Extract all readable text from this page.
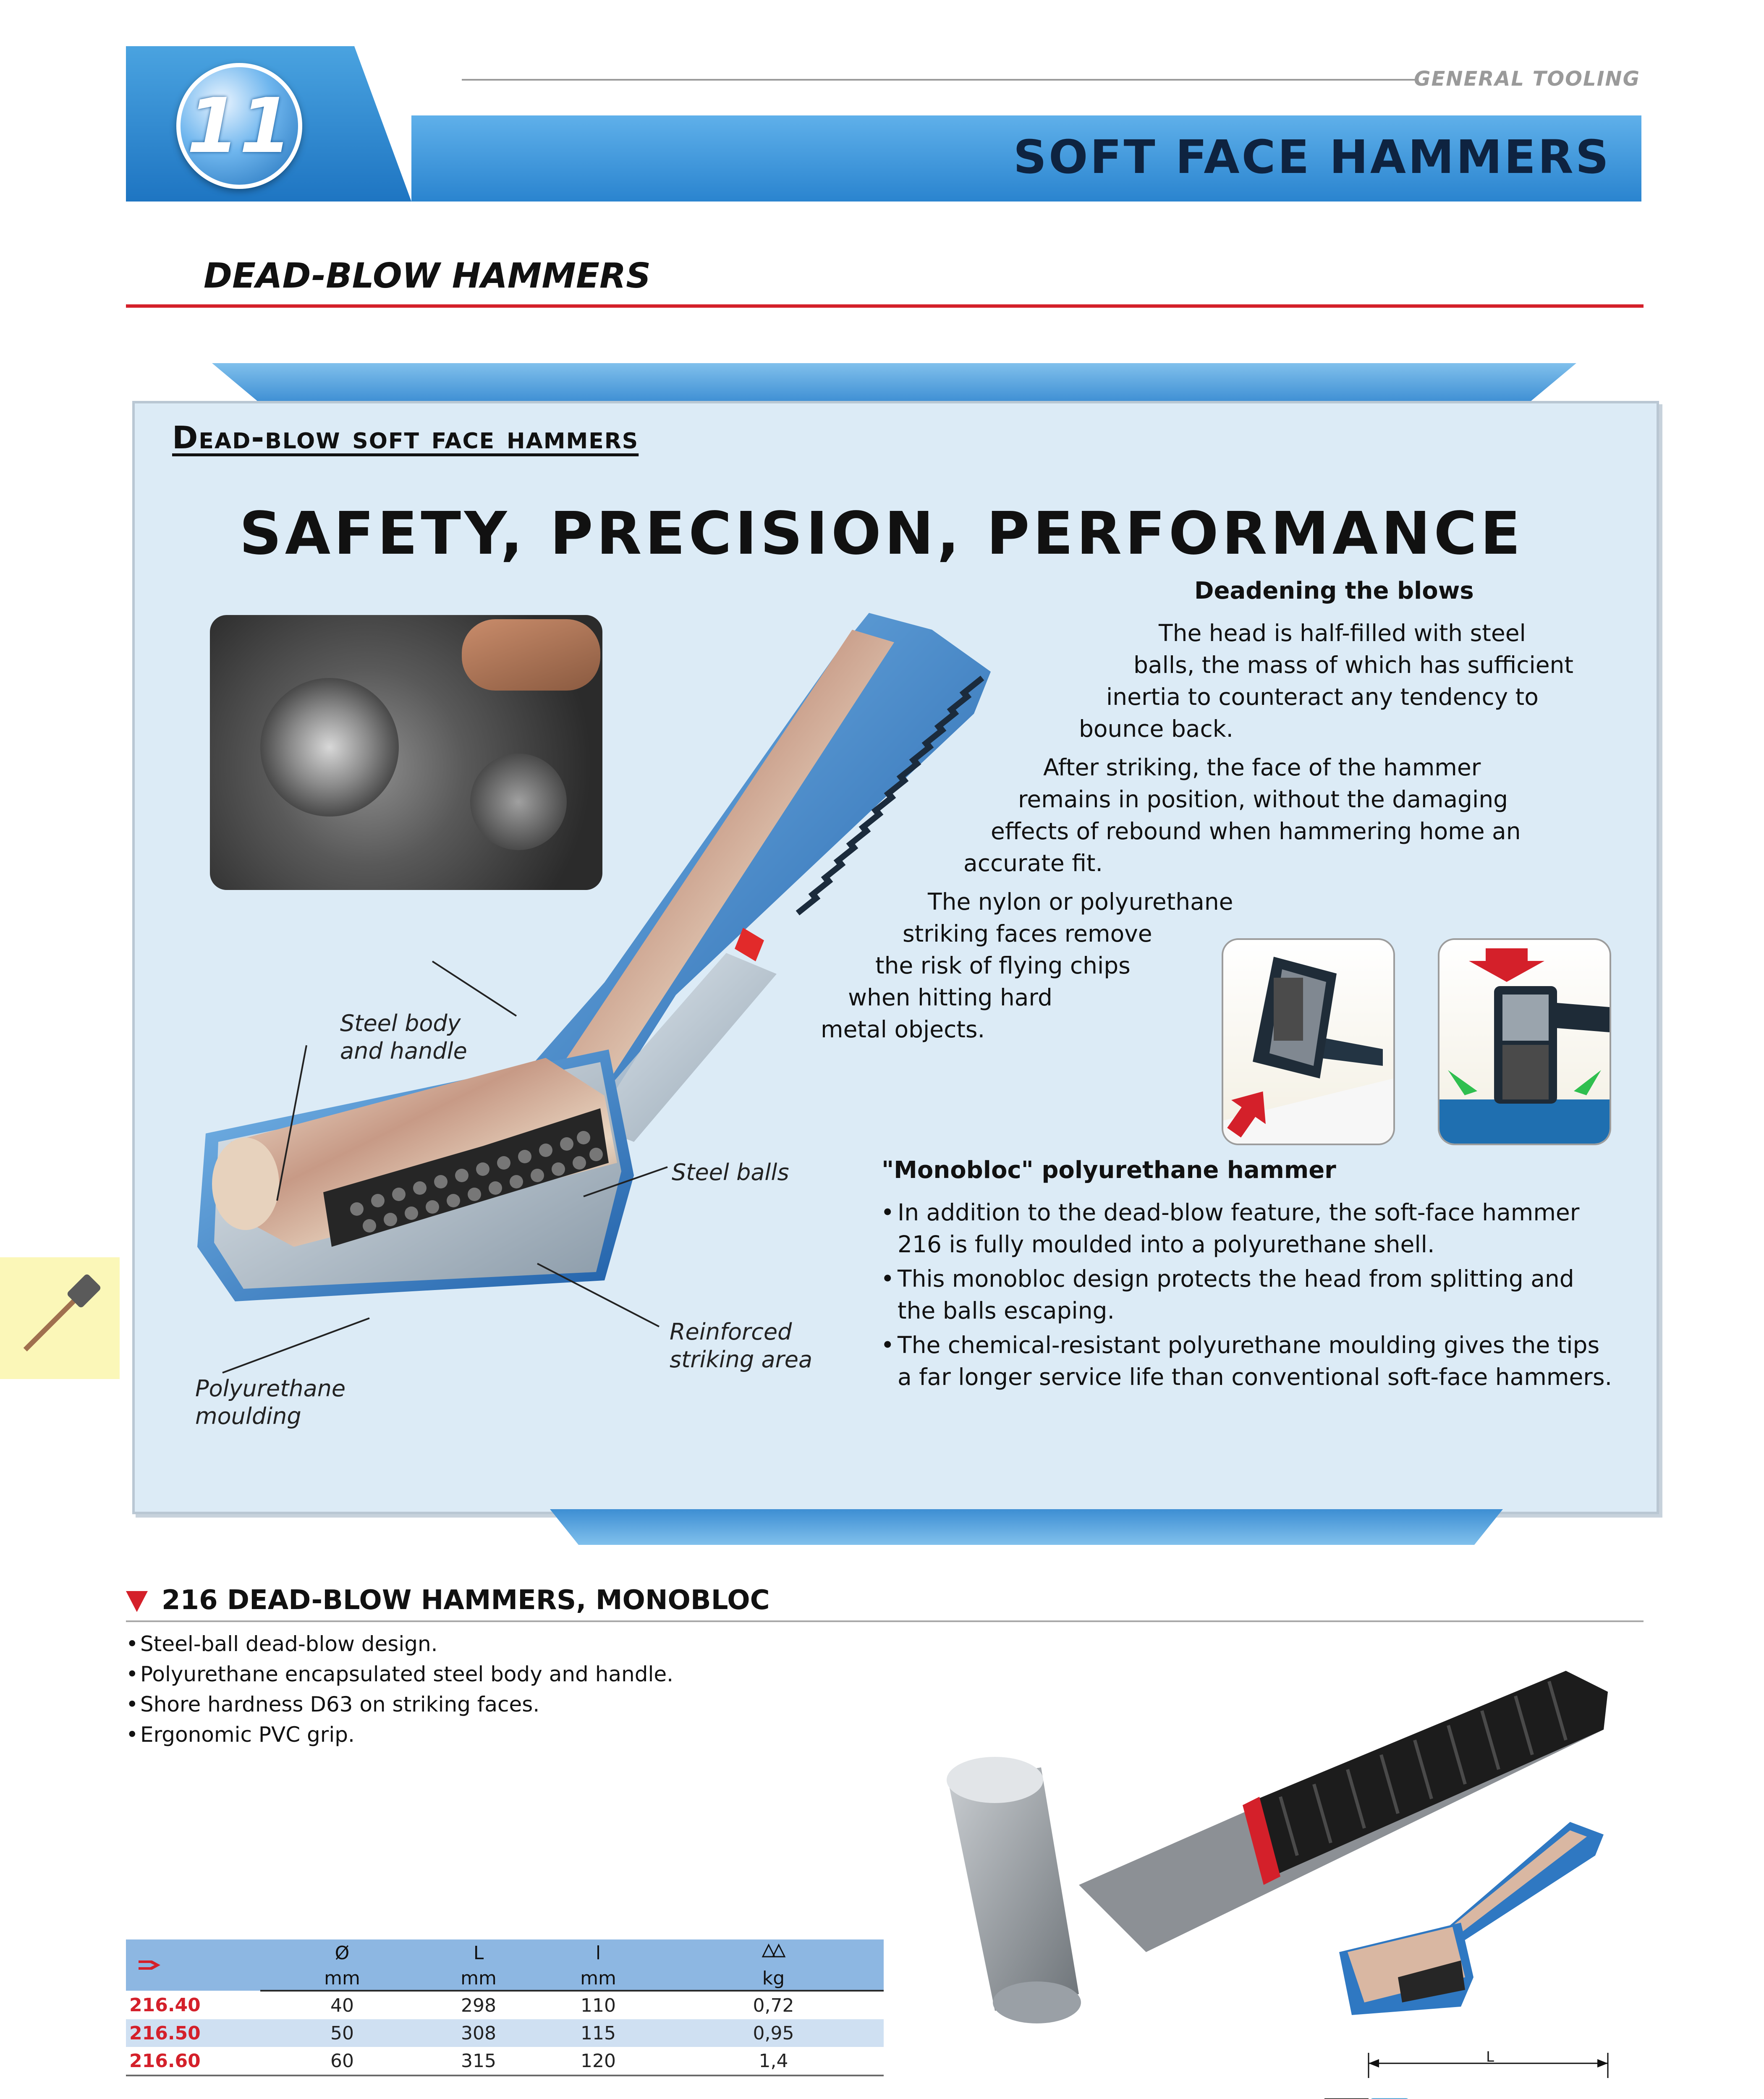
GENERAL TOOLING
SOFT FACE HAMMERS
11
DEAD-BLOW HAMMERS
Dead-blow soft face hammers
SAFETY, PRECISION, PERFORMANCE
Steel body
and handle
Steel balls
Reinforced
striking area
Polyurethane
moulding
Deadening the blows
The head is half-filled with steel
balls, the mass of which has sufficient
inertia to counteract any tendency to
bounce back.
After striking, the face of the hammer
remains in position, without the damaging
effects of rebound when hammering home an
accurate fit.
The nylon or polyurethane
striking faces remove
the risk of flying chips
when hitting hard
metal objects.
"Monobloc" polyurethane hammer
• In addition to the dead-blow feature, the soft-face hammer
216 is fully moulded into a polyurethane shell.
• This monobloc design protects the head from splitting and
the balls escaping.
• The chemical-resistant polyurethane moulding gives the tips
a far longer service life than conventional soft-face hammers.
216 DEAD-BLOW HAMMERS, MONOBLOC
• Steel-ball dead-blow design.
• Polyurethane encapsulated steel body and handle.
• Shore hardness D63 on striking faces.
• Ergonomic PVC grip.
L
	Ø	L	l	
	mm	mm	mm	kg
216.40	40	298	110	0,72
216.50	50	308	115	0,95
216.60	60	315	120	1,4
